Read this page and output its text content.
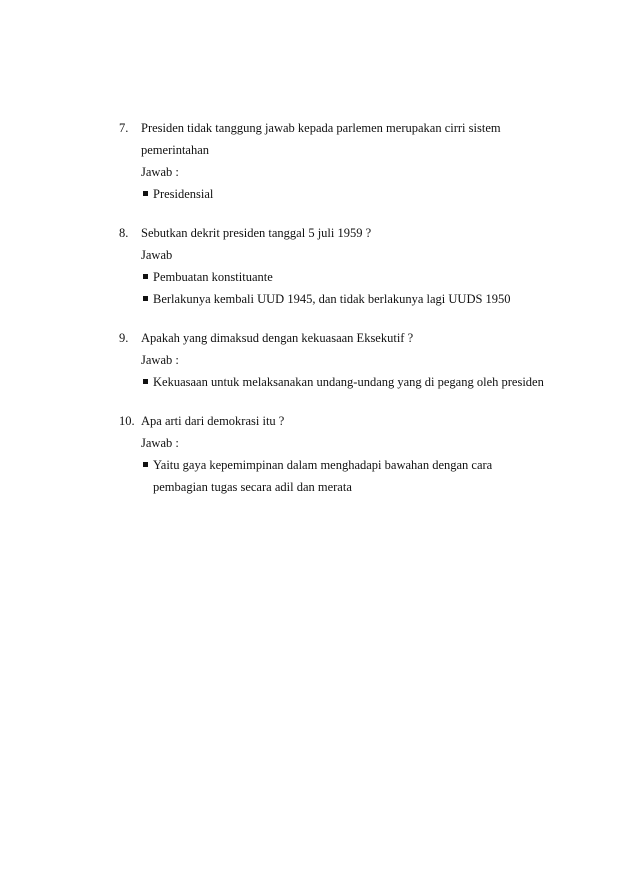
7. Presiden tidak tanggung jawab kepada parlemen merupakan cirri sistem pemerintahan
Jawab :
Presidensial
8. Sebutkan dekrit presiden tanggal 5 juli 1959 ?
Jawab
Pembuatan konstituante
Berlakunya kembali UUD 1945, dan tidak berlakunya lagi UUDS 1950
9. Apakah yang dimaksud dengan kekuasaan Eksekutif ?
Jawab :
Kekuasaan untuk melaksanakan undang-undang yang di pegang oleh presiden
10. Apa arti dari demokrasi itu ?
Jawab :
Yaitu gaya kepemimpinan dalam menghadapi bawahan dengan cara pembagian tugas secara adil dan merata
